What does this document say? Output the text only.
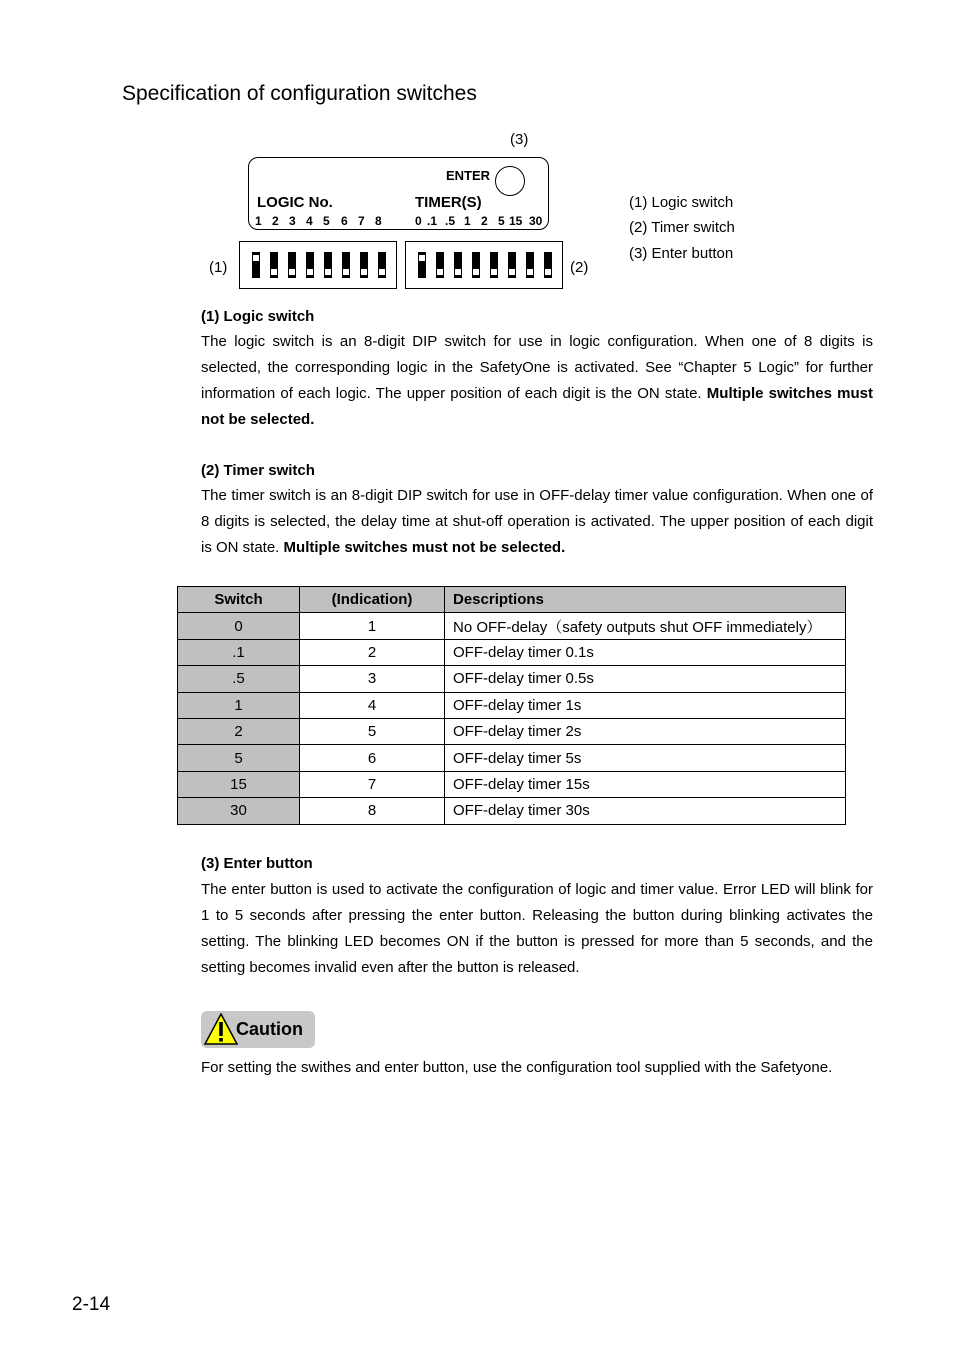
Specification of configuration switches
(3)
ENTER
LOGIC No.	TIMER(S)
1 2 3 4 5 6 7 8	0 .1 .5 1 2 5 15 30
(1)	(2)
(1) Logic switch
(2) Timer switch
(3) Enter button
(1) Logic switch
The logic switch is an 8-digit DIP switch for use in logic configuration. When one of 8 digits is selected, the corresponding logic in the SafetyOne is activated. See “Chapter 5 Logic” for further information of each logic. The upper position of each digit is the ON state. Multiple switches must not be selected.
(2) Timer switch
The timer switch is an 8-digit DIP switch for use in OFF-delay timer value configuration. When one of 8 digits is selected, the delay time at shut-off operation is activated. The upper position of each digit is ON state. Multiple switches must not be selected.
Switch	(Indication)	Descriptions
0	1	No OFF-delay（safety outputs shut OFF immediately）
.1	2	OFF-delay timer 0.1s
.5	3	OFF-delay timer 0.5s
1	4	OFF-delay timer 1s
2	5	OFF-delay timer 2s
5	6	OFF-delay timer 5s
15	7	OFF-delay timer 15s
30	8	OFF-delay timer 30s
(3) Enter button
The enter button is used to activate the configuration of logic and timer value. Error LED will blink for 1 to 5 seconds after pressing the enter button. Releasing the button during blinking activates the setting. The blinking LED becomes ON if the button is pressed for more than 5 seconds, and the setting becomes invalid even after the button is released.
Caution
For setting the swithes and enter button, use the configuration tool supplied with the Safetyone.
2-14
